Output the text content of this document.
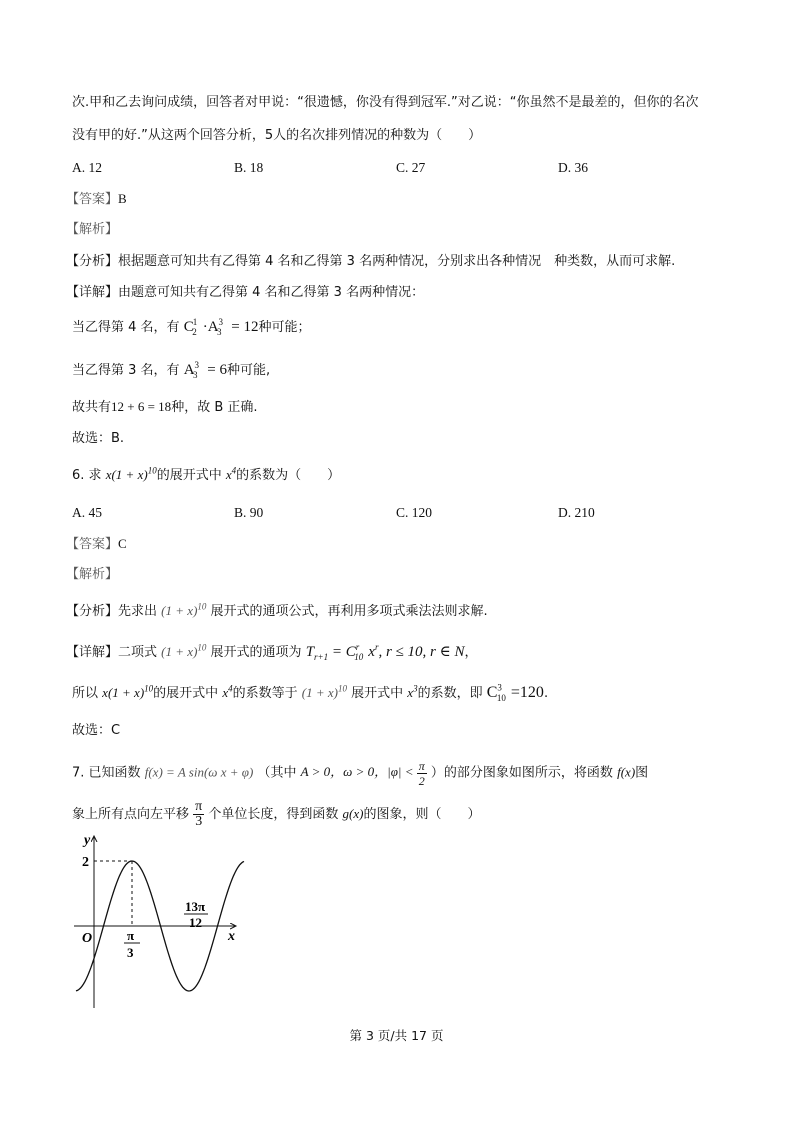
次.甲和乙去询问成绩，回答者对甲说：“很遗憾，你没有得到冠军.”对乙说：“你虽然不是最差的，但你的名次
没有甲的好.”从这两个回答分析，5人的名次排列情况的种数为（　　）
A. 12	B. 18	C. 27	D. 36
【答案】B
【解析】
【分析】根据题意可知共有乙得第 4 名和乙得第 3 名两种情况，分别求出各种情况　种类数，从而可求解.
【详解】由题意可知共有乙得第 4 名和乙得第 3 名两种情况：
当乙得第 4 名，有 $C^1_2 \cdot A^3_3 = 12$种可能；
当乙得第 3 名，有 $A^3_3 = 6$种可能,
故共有12 + 6 = 18种，故 B 正确.
故选：B.
6. 求 $x(1 + x)^{10}$的展开式中 $x^4$的系数为（　　）
A. 45	B. 90	C. 120	D. 210
【答案】C
【解析】
【分析】先求出 $(1 + x)^{10}$ 展开式的通项公式，再利用多项式乘法法则求解.
【详解】二项式 $(1 + x)^{10}$ 展开式的通项为 $T_{r+1} = C^r_{10}$ $x^r$, r ≤ 10, r ∈ N，
所以 $x(1 + x)^{10}$的展开式中 $x^4$的系数等于 $(1 + x)^{10}$ 展开式中 $x^3$的系数，即 $C^3_{10} =120$.
故选：C
7. 已知函数 f(x) = A sin(ω x + φ) （其中 A > 0，ω > 0，$|\varphi| < \frac{\pi}{2}$ ）的部分图象如图所示，将函数 f(x)图
象上所有点向左平移 $\frac{\pi}{3}$ 个单位长度，得到函数 g(x)的图象，则（　　）
y
x
O
2
π
3
13π
12
第 3 页/共 17 页
